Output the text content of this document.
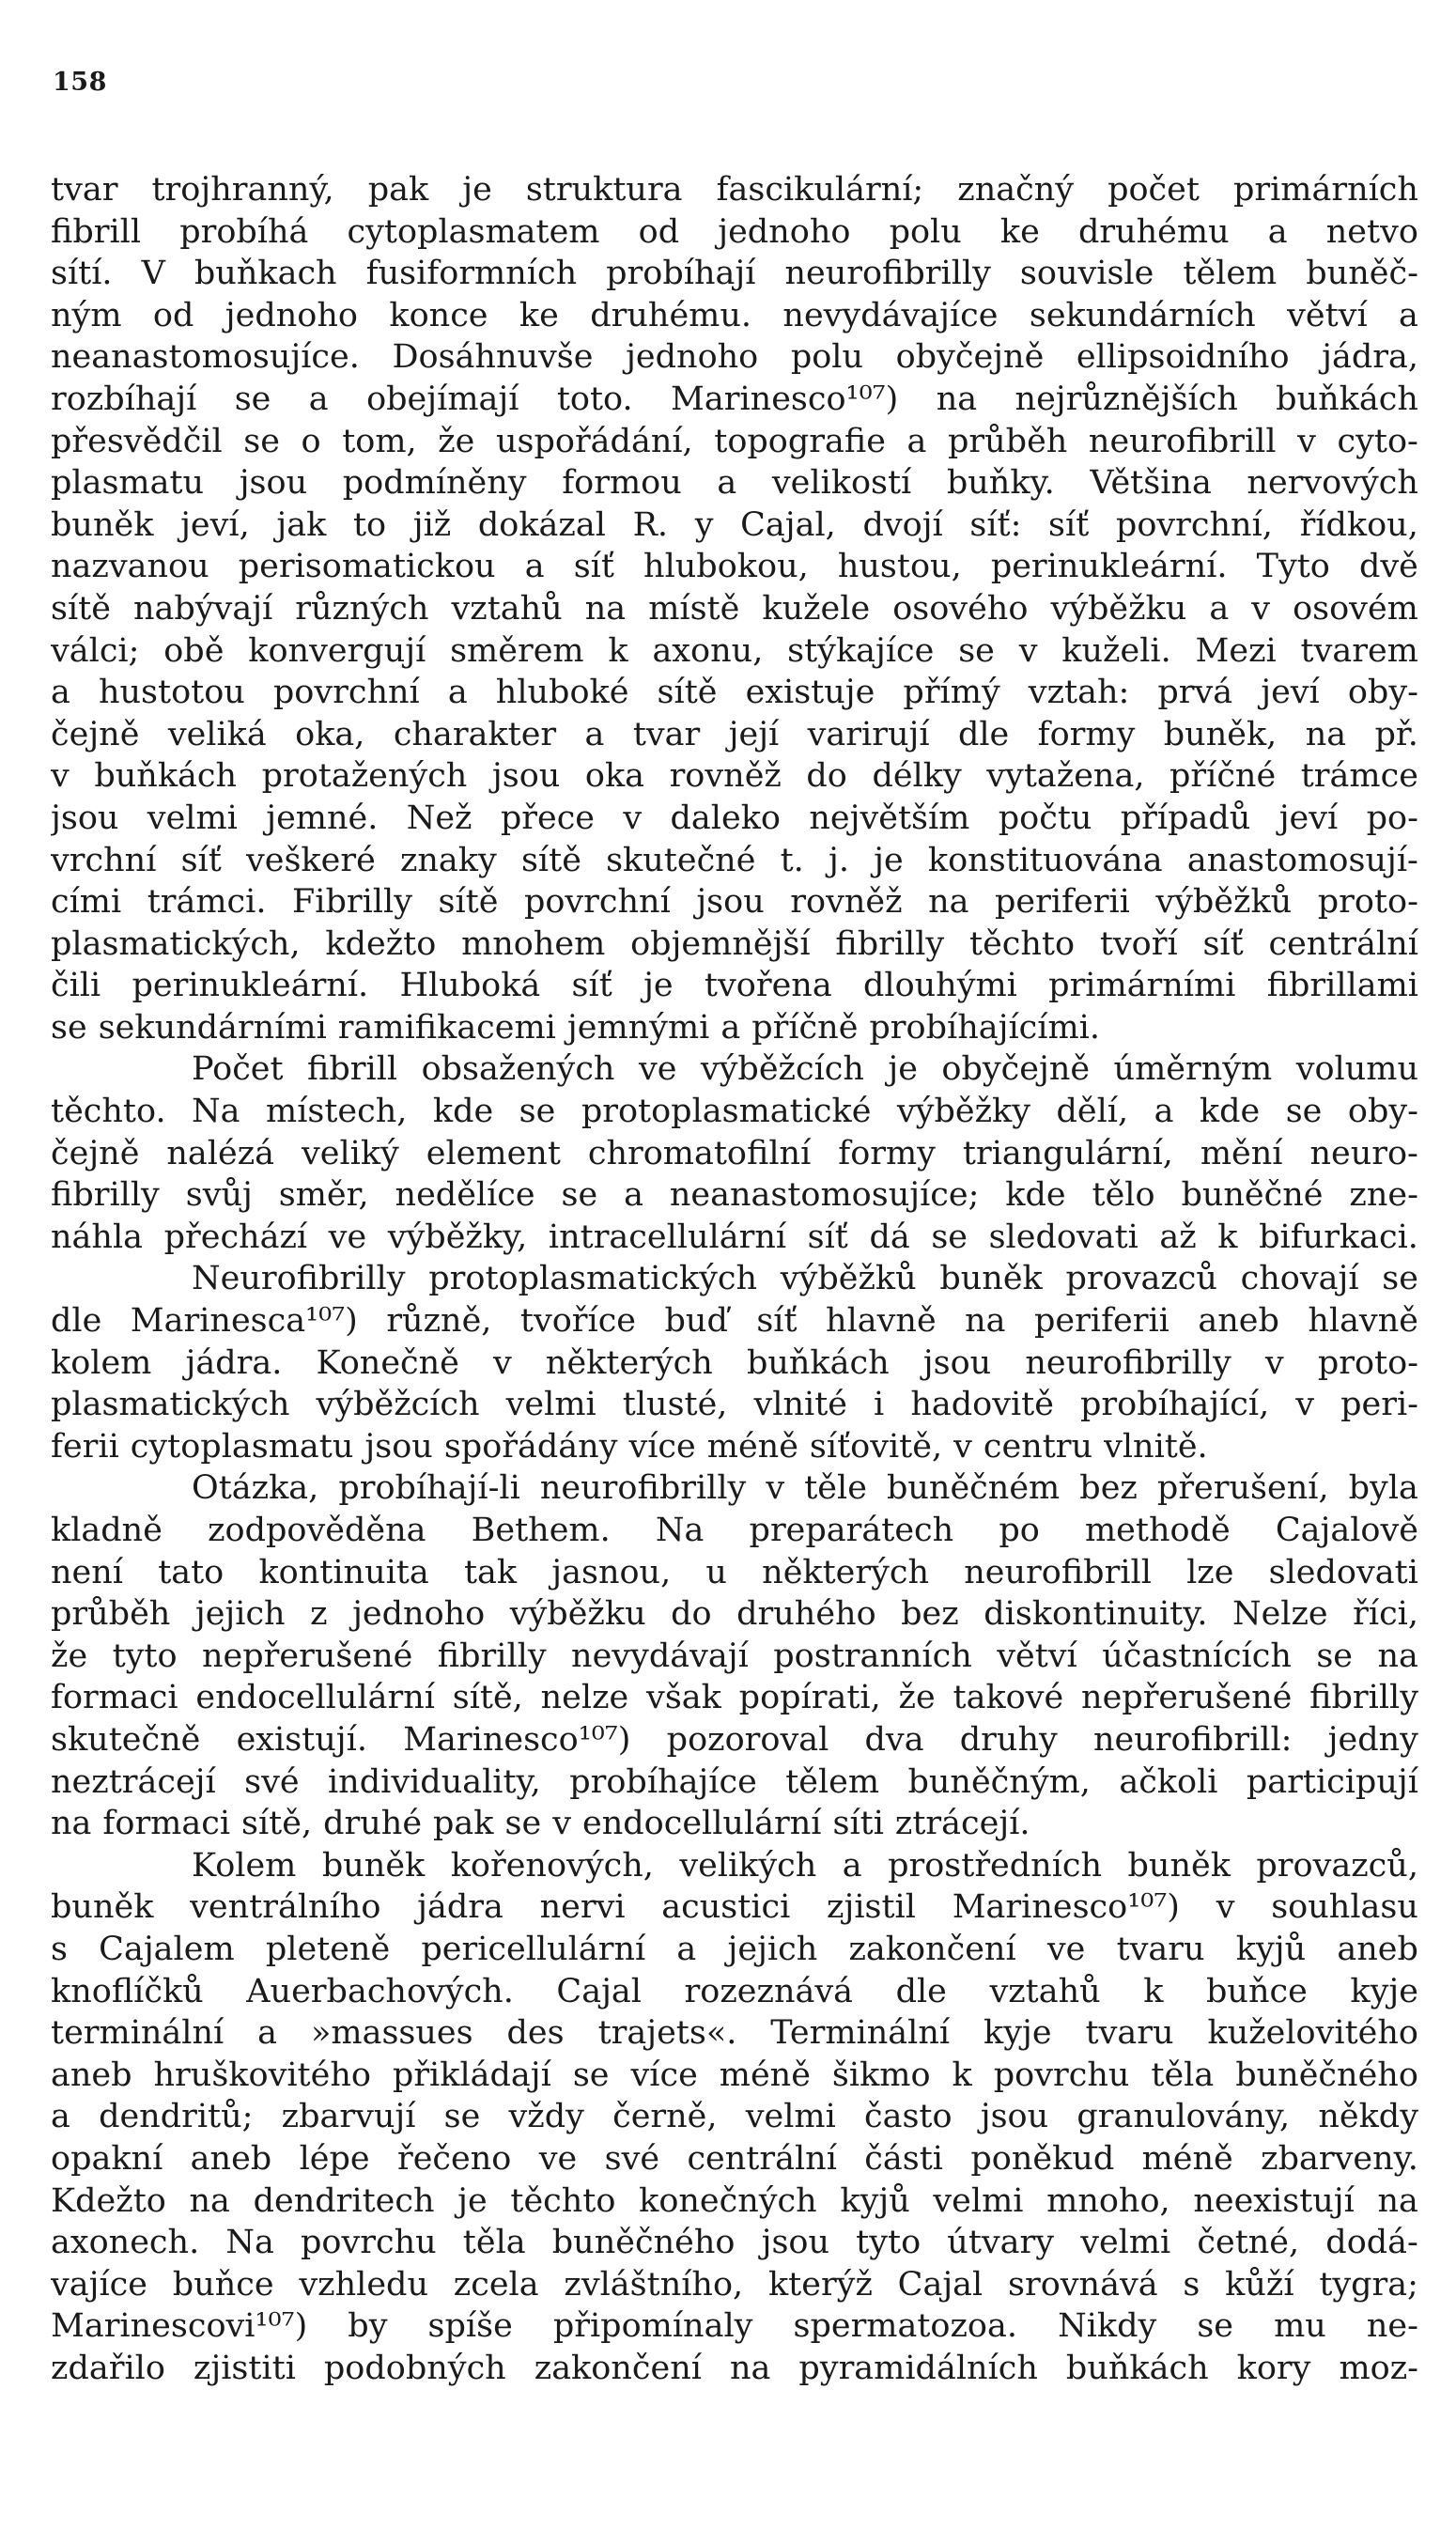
158
tvar trojhranný, pak je struktura fascikulární; značný počet primárních
fibrill probíhá cytoplasmatem od jednoho polu ke druhému a netvo
sítí. V buňkach fusiformních probíhají neurofibrilly souvisle tělem buněč-
ným od jednoho konce ke druhému. nevydávajíce sekundárních větví a
neanastomosujíce. Dosáhnuvše jednoho polu obyčejně ellipsoidního jádra,
rozbíhají se a obejímají toto. Marinesco¹⁰⁷) na nejrůznějších buňkách
přesvědčil se o tom, že uspořádání, topografie a průběh neurofibrill v cyto-
plasmatu jsou podmíněny formou a velikostí buňky. Většina nervových
buněk jeví, jak to již dokázal R. y Cajal, dvojí síť: síť povrchní, řídkou,
nazvanou perisomatickou a síť hlubokou, hustou, perinukleární. Tyto dvě
sítě nabývají různých vztahů na místě kužele osového výběžku a v osovém
válci; obě konvergují směrem k axonu, stýkajíce se v kuželi. Mezi tvarem
a hustotou povrchní a hluboké sítě existuje přímý vztah: prvá jeví oby-
čejně veliká oka, charakter a tvar její varirují dle formy buněk, na př.
v buňkách protažených jsou oka rovněž do délky vytažena, příčné trámce
jsou velmi jemné. Než přece v daleko největším počtu případů jeví po-
vrchní síť veškeré znaky sítě skutečné t. j. je konstituována anastomosují-
cími trámci. Fibrilly sítě povrchní jsou rovněž na periferii výběžků proto-
plasmatických, kdežto mnohem objemnější fibrilly těchto tvoří síť centrální
čili perinukleární. Hluboká síť je tvořena dlouhými primárními fibrillami
se sekundárními ramifikacemi jemnými a příčně probíhajícími.
Počet fibrill obsažených ve výběžcích je obyčejně úměrným volumu
těchto. Na místech, kde se protoplasmatické výběžky dělí, a kde se oby-
čejně nalézá veliký element chromatofilní formy triangulární, mění neuro-
fibrilly svůj směr, nedělíce se a neanastomosujíce; kde tělo buněčné zne-
náhla přechází ve výběžky, intracellulární síť dá se sledovati až k bifurkaci.
Neurofibrilly protoplasmatických výběžků buněk provazců chovají se
dle Marinesca¹⁰⁷) různě, tvoříce buď síť hlavně na periferii aneb hlavně
kolem jádra. Konečně v některých buňkách jsou neurofibrilly v proto-
plasmatických výběžcích velmi tlusté, vlnité i hadovitě probíhající, v peri-
ferii cytoplasmatu jsou spořádány více méně síťovitě, v centru vlnitě.
Otázka, probíhají-li neurofibrilly v těle buněčném bez přerušení, byla
kladně zodpověděna Bethem. Na preparátech po methodě Cajalově
není tato kontinuita tak jasnou, u některých neurofibrill lze sledovati
průběh jejich z jednoho výběžku do druhého bez diskontinuity. Nelze říci,
že tyto nepřerušené fibrilly nevydávají postranních větví účastnících se na
formaci endocellulární sítě, nelze však popírati, že takové nepřerušené fibrilly
skutečně existují. Marinesco¹⁰⁷) pozoroval dva druhy neurofibrill: jedny
neztrácejí své individuality, probíhajíce tělem buněčným, ačkoli participují
na formaci sítě, druhé pak se v endocellulární síti ztrácejí.
Kolem buněk kořenových, velikých a prostředních buněk provazců,
buněk ventrálního jádra nervi acustici zjistil Marinesco¹⁰⁷) v souhlasu
s Cajalem pleteně pericellulární a jejich zakončení ve tvaru kyjů aneb
knoflíčků Auerbachových. Cajal rozeznává dle vztahů k buňce kyje
terminální a »massues des trajets«. Terminální kyje tvaru kuželovitého
aneb hruškovitého přikládají se více méně šikmo k povrchu těla buněčného
a dendritů; zbarvují se vždy černě, velmi často jsou granulovány, někdy
opakní aneb lépe řečeno ve své centrální části poněkud méně zbarveny.
Kdežto na dendritech je těchto konečných kyjů velmi mnoho, neexistují na
axonech. Na povrchu těla buněčného jsou tyto útvary velmi četné, dodá-
vajíce buňce vzhledu zcela zvláštního, kterýž Cajal srovnává s kůží tygra;
Marinescovi¹⁰⁷) by spíše připomínaly spermatozoa. Nikdy se mu ne-
zdařilo zjistiti podobných zakončení na pyramidálních buňkách kory moz-
